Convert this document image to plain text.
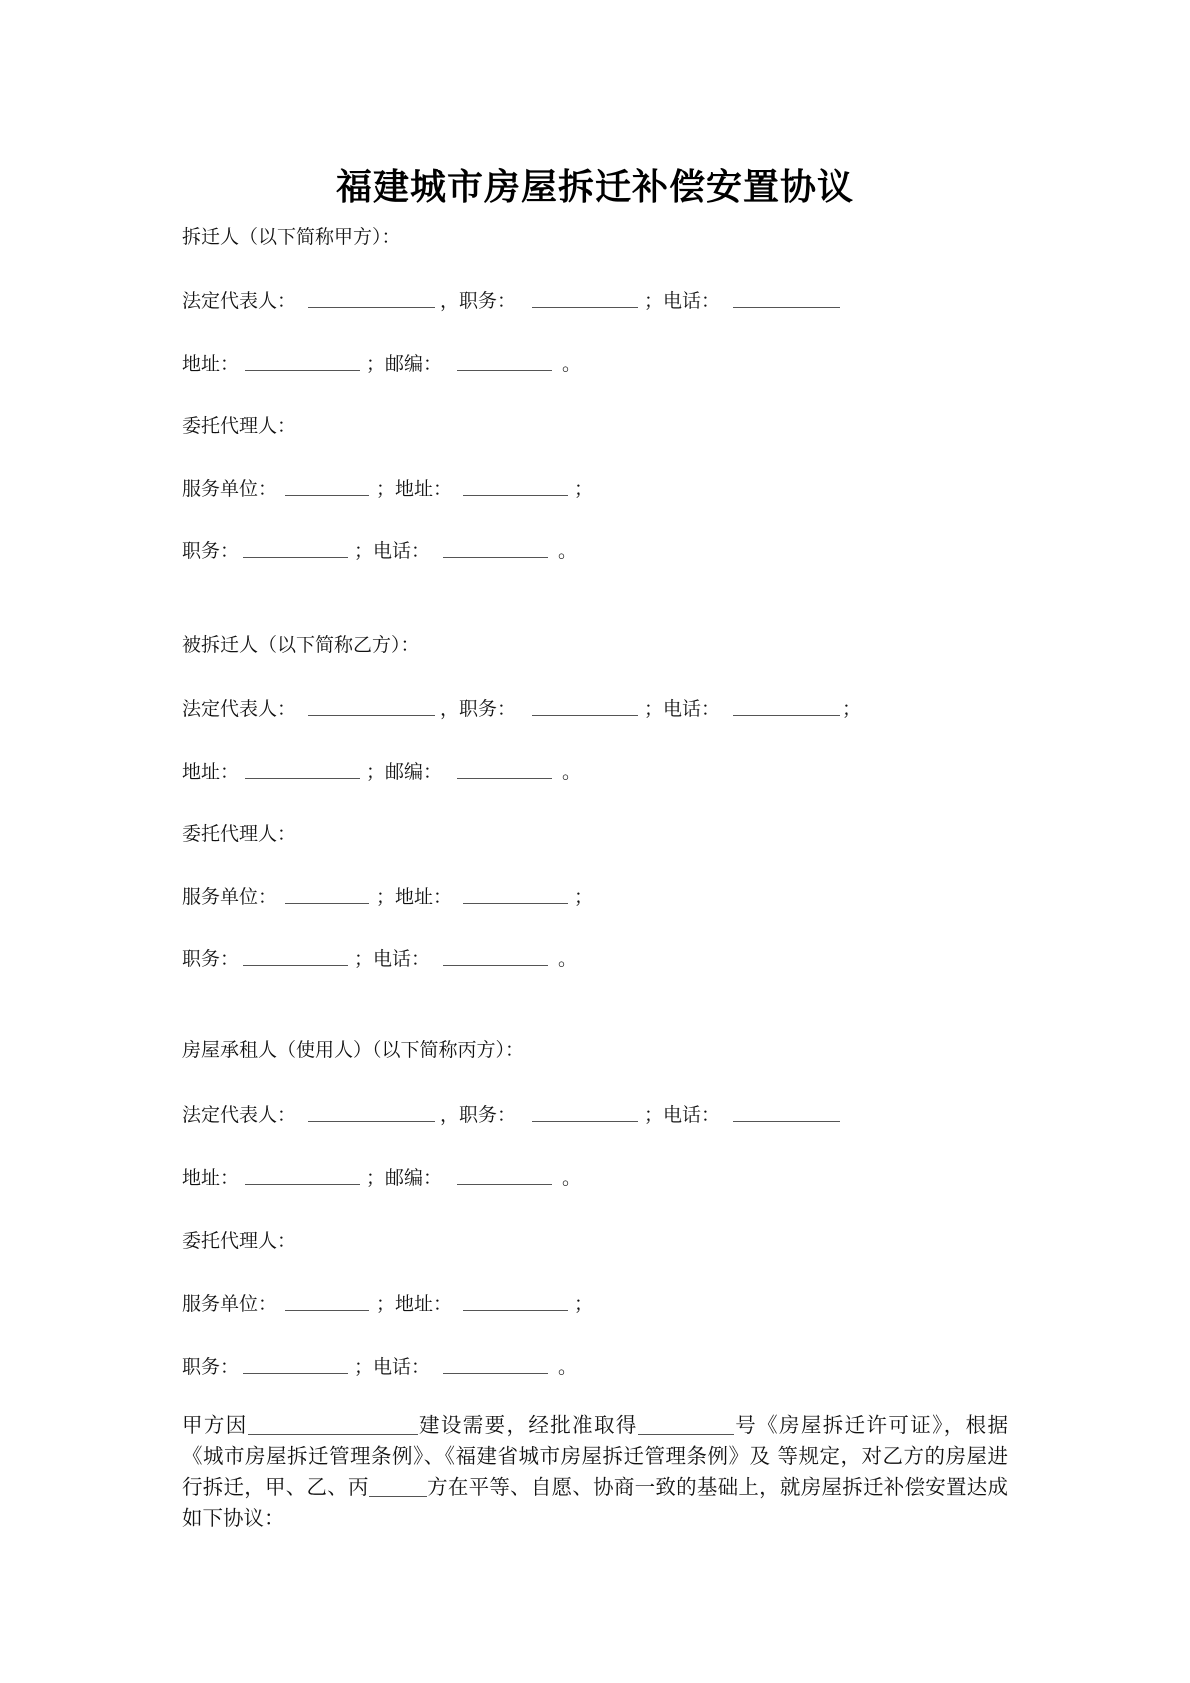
福建城市房屋拆迁补偿安置协议
拆迁人（以下简称甲方）：
法定代表人：	，职务：	；电话：
地址：	；邮编：	。
委托代理人：
服务单位：	；地址：	；
职务：	；电话：	。
被拆迁人（以下简称乙方）：
法定代表人：	，职务：	；电话：	；
地址：	；邮编：	。
委托代理人：
服务单位：	；地址：	；
职务：	；电话：	。
房屋承租人（使用人）（以下简称丙方）：
法定代表人：	，职务：	；电话：
地址：	；邮编：	。
委托代理人：
服务单位：	；地址：	；
职务：	；电话：	。
甲方因	建设需要，经批准取得	号《房屋拆迁许可证》，根据《城市房屋拆迁管理条例》、《福建省城市房屋拆迁管理条例》及 等规定，对乙方的房屋进行拆迁，甲、乙、丙	方在平等、自愿、协商一致的基础上，就房屋拆迁补偿安置达成如下协议：
